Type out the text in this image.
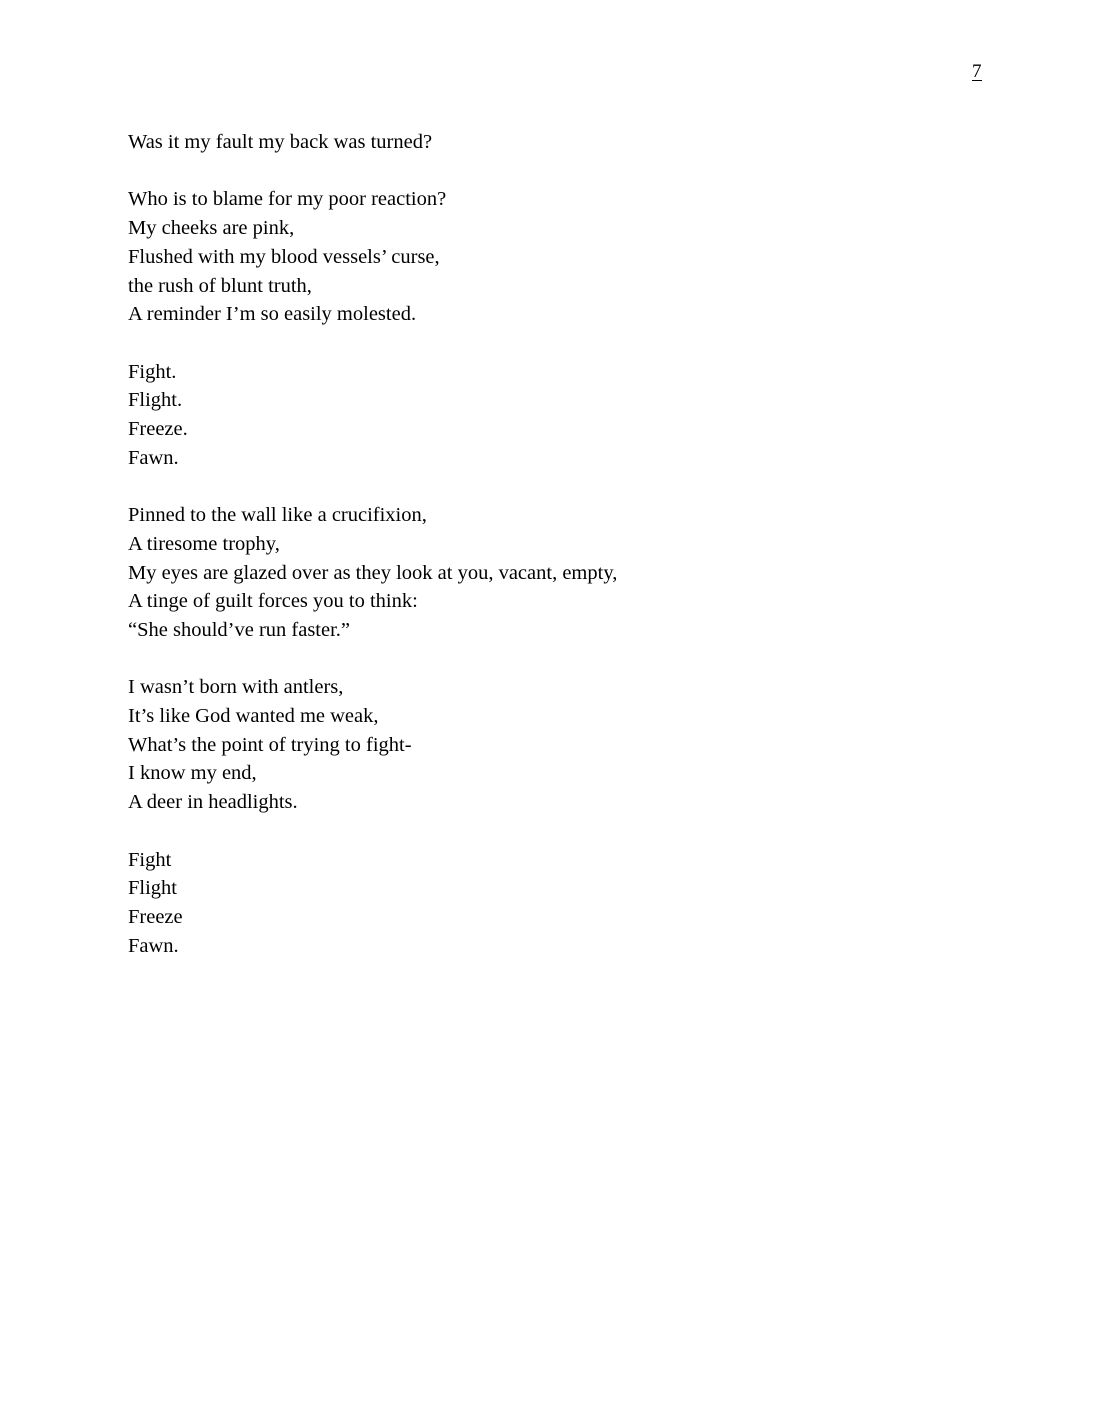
7

Was it my fault my back was turned?

Who is to blame for my poor reaction?
My cheeks are pink,
Flushed with my blood vessels’ curse,
the rush of blunt truth,
A reminder I’m so easily molested.

Fight.
Flight.
Freeze.
Fawn.

Pinned to the wall like a crucifixion,
A tiresome trophy,
My eyes are glazed over as they look at you, vacant, empty,
A tinge of guilt forces you to think:
“She should’ve run faster.”

I wasn’t born with antlers,
It’s like God wanted me weak,
What’s the point of trying to fight-
I know my end,
A deer in headlights.

Fight
Flight
Freeze
Fawn.
